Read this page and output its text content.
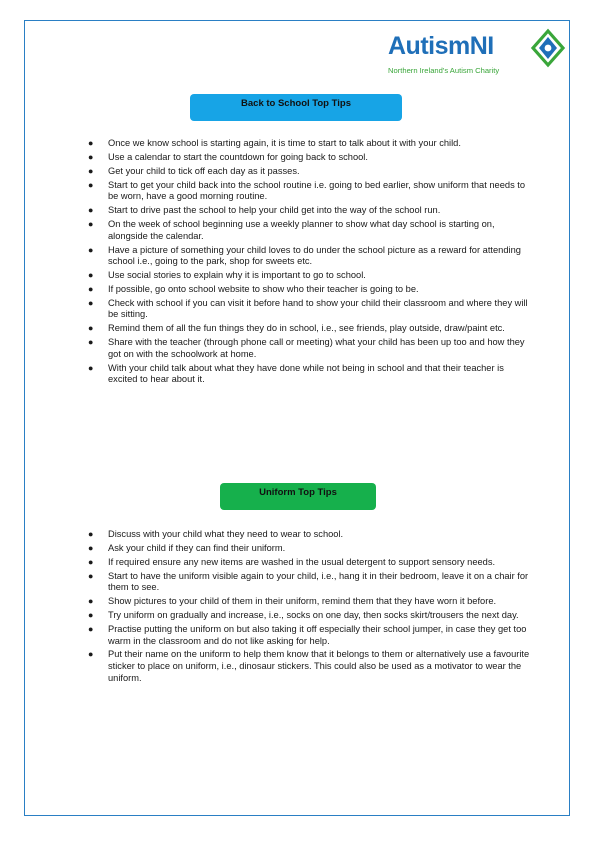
AutismNI
Northern Ireland's Autism Charity
Back to School Top Tips
● Once we know school is starting again, it is time to start to talk about it with your child.
● Use a calendar to start the countdown for going back to school.
● Get your child to tick off each day as it passes.
● Start to get your child back into the school routine i.e. going to bed earlier, show uniform that needs to be worn, have a good morning routine.
● Start to drive past the school to help your child get into the way of the school run.
● On the week of school beginning use a weekly planner to show what day school is starting on, alongside the calendar.
● Have a picture of something your child loves to do under the school picture as a reward for attending school i.e., going to the park, shop for sweets etc.
● Use social stories to explain why it is important to go to school.
● If possible, go onto school website to show who their teacher is going to be.
● Check with school if you can visit it before hand to show your child their classroom and where they will be sitting.
● Remind them of all the fun things they do in school, i.e., see friends, play outside, draw/paint etc.
● Share with the teacher (through phone call or meeting) what your child has been up too and how they got on with the schoolwork at home.
● With your child talk about what they have done while not being in school and that their teacher is excited to hear about it.
Uniform Top Tips
● Discuss with your child what they need to wear to school.
● Ask your child if they can find their uniform.
● If required ensure any new items are washed in the usual detergent to support sensory needs.
● Start to have the uniform visible again to your child, i.e., hang it in their bedroom, leave it on a chair for them to see.
● Show pictures to your child of them in their uniform, remind them that they have worn it before.
● Try uniform on gradually and increase, i.e., socks on one day, then socks skirt/trousers the next day.
● Practise putting the uniform on but also taking it off especially their school jumper, in case they get too warm in the classroom and do not like asking for help.
● Put their name on the uniform to help them know that it belongs to them or alternatively use a favourite sticker to place on uniform, i.e., dinosaur stickers. This could also be used as a motivator to wear the uniform.
